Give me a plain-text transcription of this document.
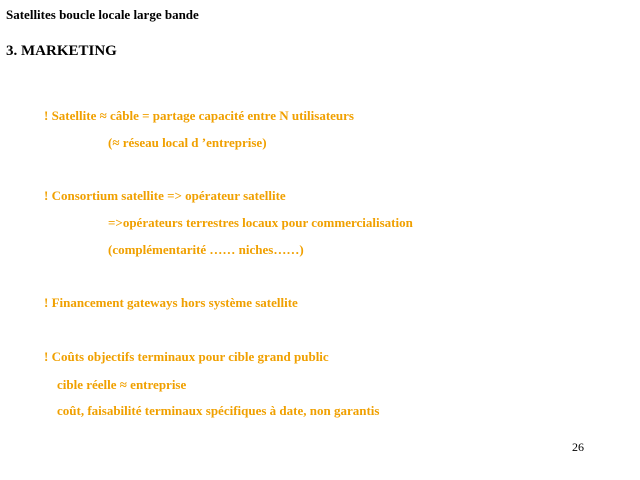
Satellites boucle locale large bande
3. MARKETING
! Satellite ≈ câble = partage capacité entre N utilisateurs
(≈ réseau local d ’entreprise)
! Consortium satellite => opérateur satellite
=>opérateurs terrestres locaux pour commercialisation
(complémentarité …… niches……)
! Financement gateways hors système satellite
! Coûts objectifs terminaux pour cible grand public
cible réelle ≈ entreprise
coût, faisabilité terminaux spécifiques à date, non garantis
26
